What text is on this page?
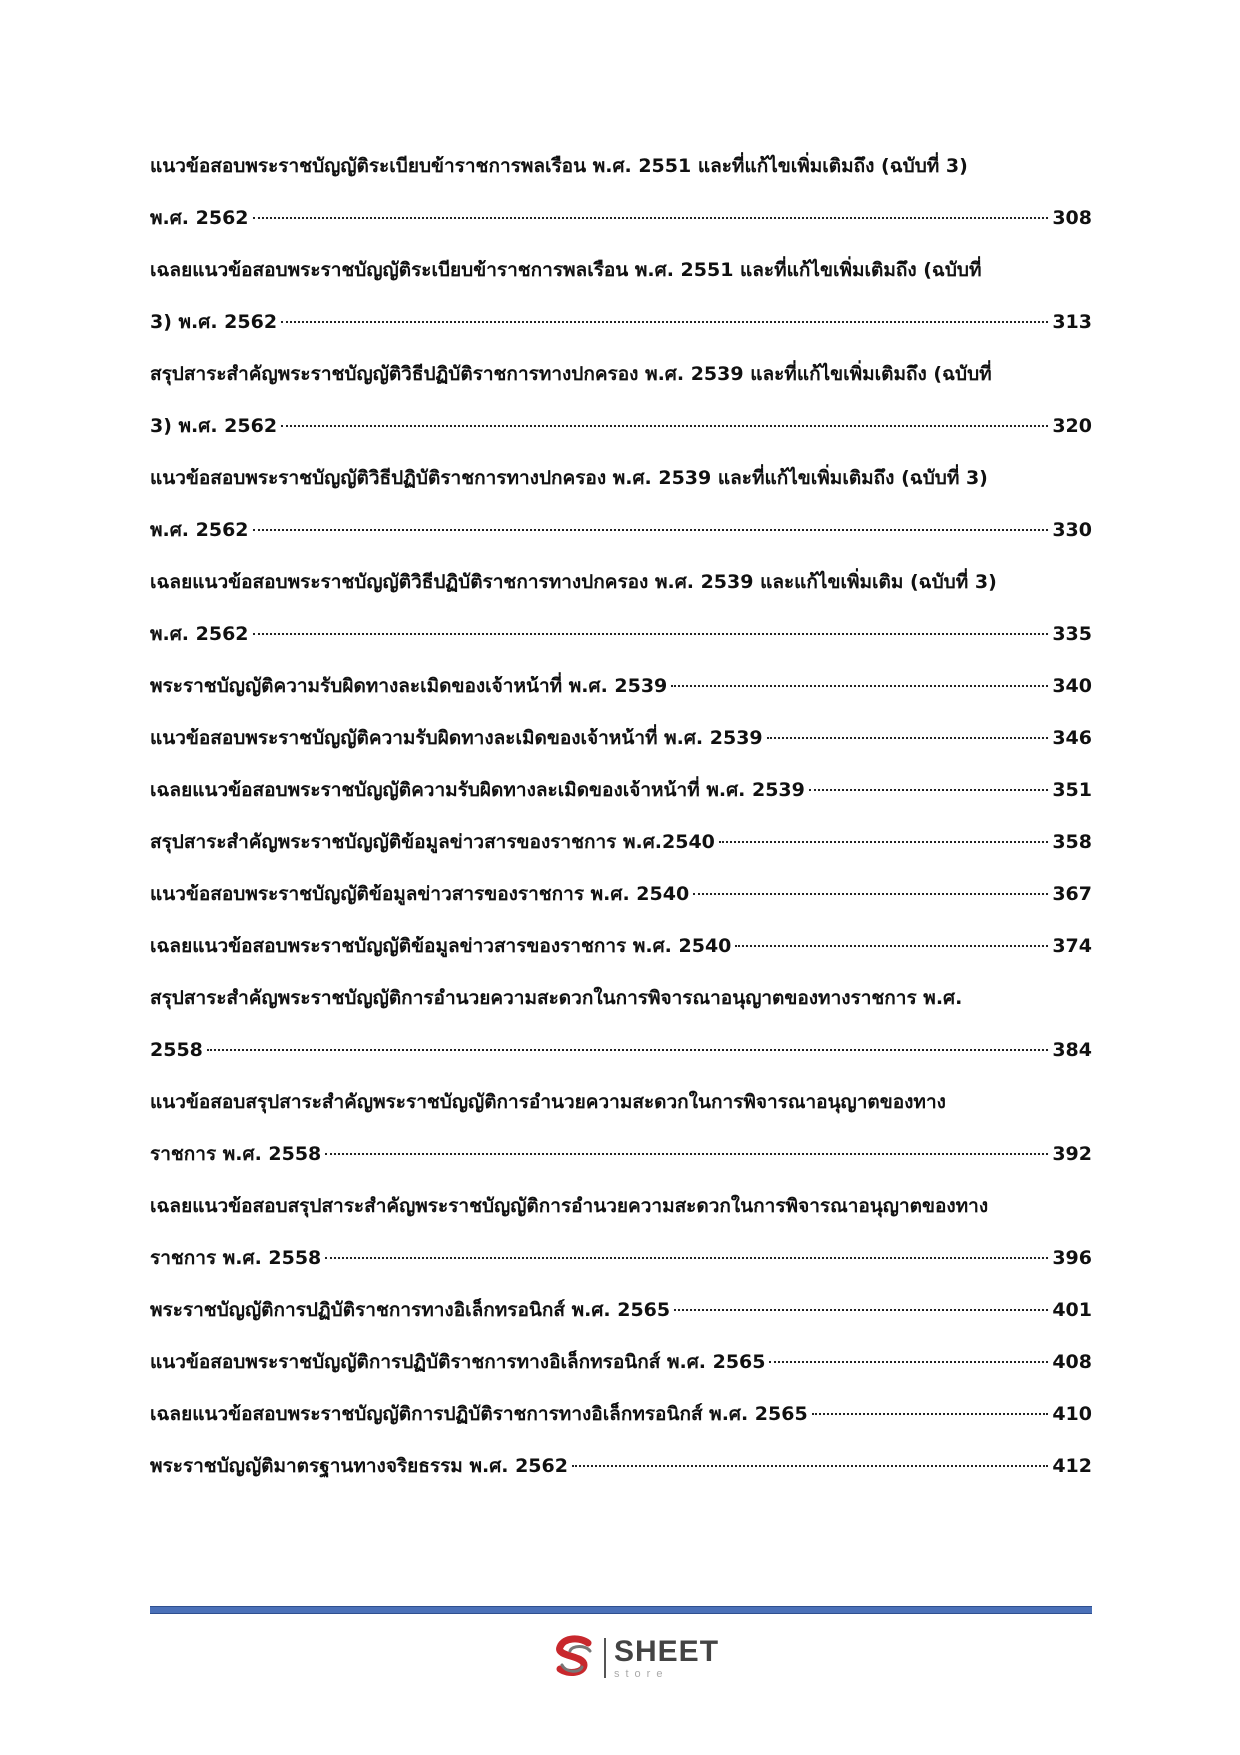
แนวข้อสอบพระราชบัญญัติระเบียบข้าราชการพลเรือน พ.ศ. 2551 และที่แก้ไขเพิ่มเติมถึง (ฉบับที่ 3)
พ.ศ. 2562	308
เฉลยแนวข้อสอบพระราชบัญญัติระเบียบข้าราชการพลเรือน พ.ศ. 2551 และที่แก้ไขเพิ่มเติมถึง (ฉบับที่
3) พ.ศ. 2562	313
สรุปสาระสำคัญพระราชบัญญัติวิธีปฏิบัติราชการทางปกครอง พ.ศ. 2539 และที่แก้ไขเพิ่มเติมถึง (ฉบับที่
3) พ.ศ. 2562	320
แนวข้อสอบพระราชบัญญัติวิธีปฏิบัติราชการทางปกครอง พ.ศ. 2539 และที่แก้ไขเพิ่มเติมถึง (ฉบับที่ 3)
พ.ศ. 2562	330
เฉลยแนวข้อสอบพระราชบัญญัติวิธีปฏิบัติราชการทางปกครอง พ.ศ. 2539 และแก้ไขเพิ่มเติม (ฉบับที่ 3)
พ.ศ. 2562	335
พระราชบัญญัติความรับผิดทางละเมิดของเจ้าหน้าที่ พ.ศ. 2539	340
แนวข้อสอบพระราชบัญญัติความรับผิดทางละเมิดของเจ้าหน้าที่ พ.ศ. 2539	346
เฉลยแนวข้อสอบพระราชบัญญัติความรับผิดทางละเมิดของเจ้าหน้าที่ พ.ศ. 2539	351
สรุปสาระสำคัญพระราชบัญญัติข้อมูลข่าวสารของราชการ พ.ศ.2540	358
แนวข้อสอบพระราชบัญญัติข้อมูลข่าวสารของราชการ พ.ศ. 2540	367
เฉลยแนวข้อสอบพระราชบัญญัติข้อมูลข่าวสารของราชการ พ.ศ. 2540	374
สรุปสาระสำคัญพระราชบัญญัติการอำนวยความสะดวกในการพิจารณาอนุญาตของทางราชการ พ.ศ.
2558	384
แนวข้อสอบสรุปสาระสำคัญพระราชบัญญัติการอำนวยความสะดวกในการพิจารณาอนุญาตของทาง
ราชการ พ.ศ. 2558	392
เฉลยแนวข้อสอบสรุปสาระสำคัญพระราชบัญญัติการอำนวยความสะดวกในการพิจารณาอนุญาตของทาง
ราชการ พ.ศ. 2558	396
พระราชบัญญัติการปฏิบัติราชการทางอิเล็กทรอนิกส์ พ.ศ. 2565	401
แนวข้อสอบพระราชบัญญัติการปฏิบัติราชการทางอิเล็กทรอนิกส์ พ.ศ. 2565	408
เฉลยแนวข้อสอบพระราชบัญญัติการปฏิบัติราชการทางอิเล็กทรอนิกส์ พ.ศ. 2565	410
พระราชบัญญัติมาตรฐานทางจริยธรรม พ.ศ. 2562	412
SHEET
store
